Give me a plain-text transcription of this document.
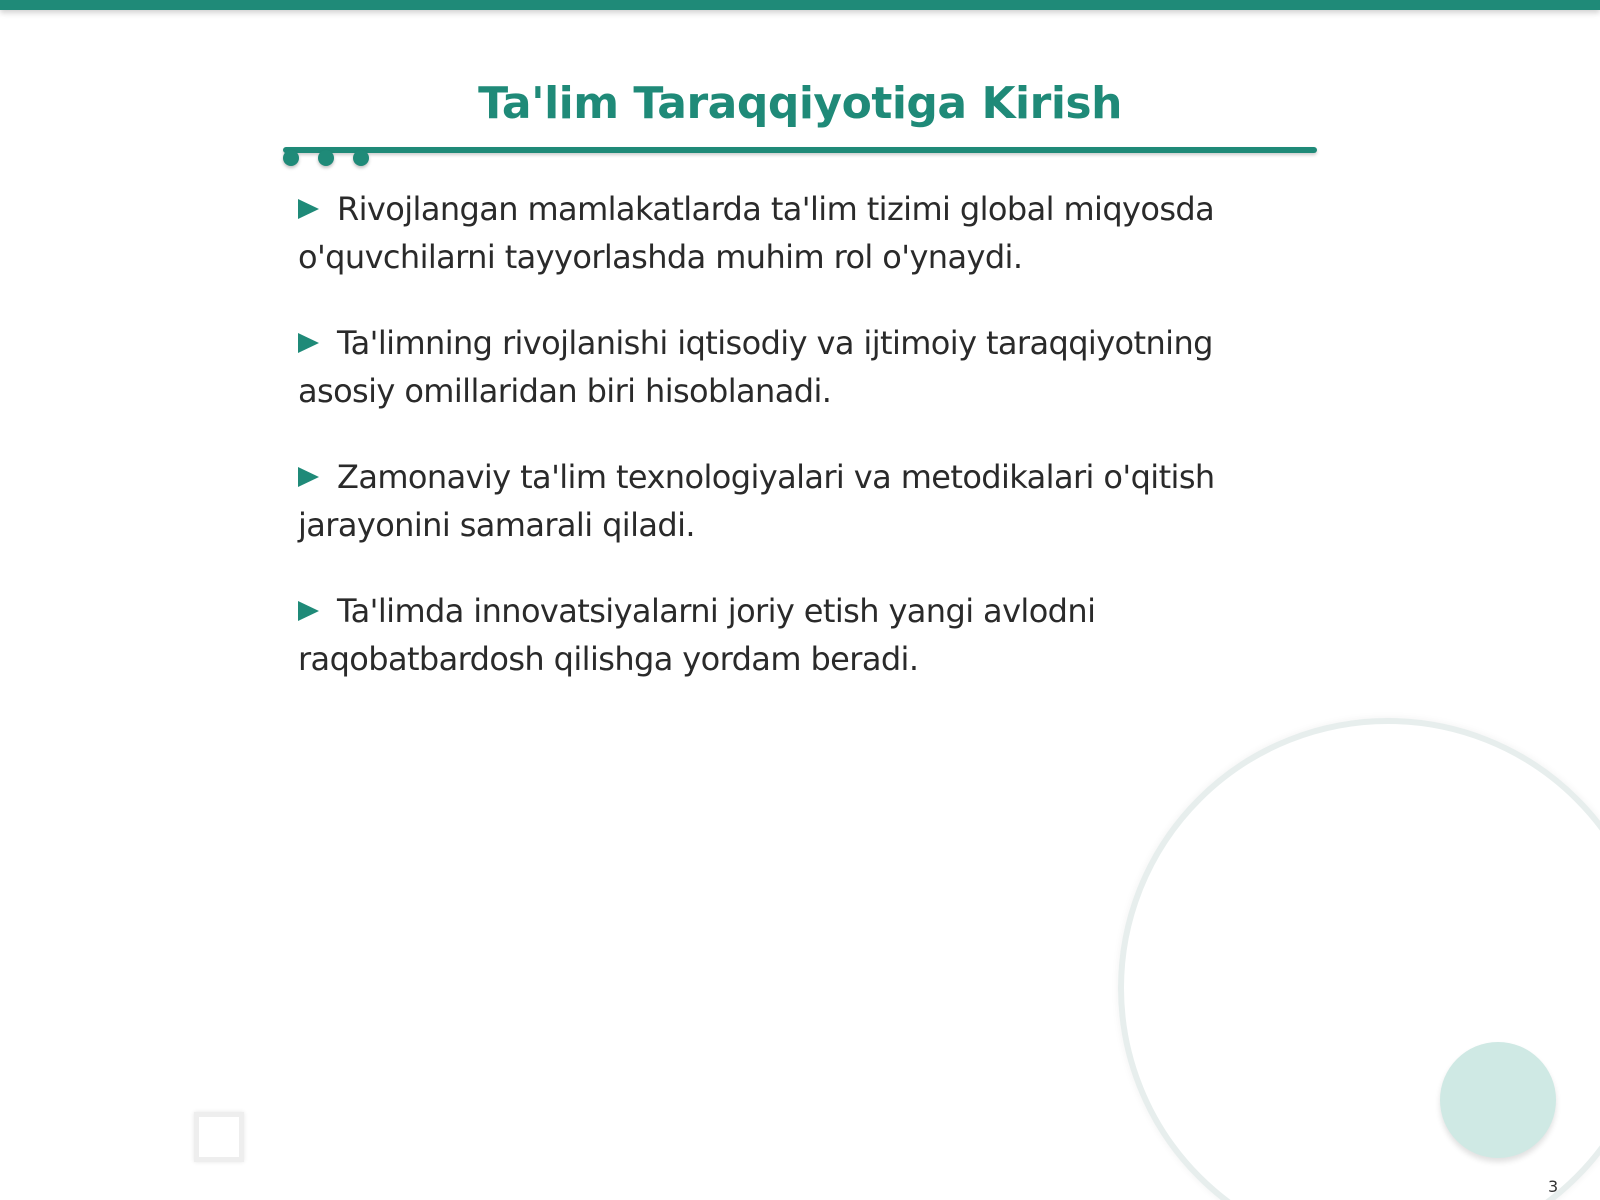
Ta'lim Taraqqiyotiga Kirish
Rivojlangan mamlakatlarda ta'lim tizimi global miqyosda o'quvchilarni tayyorlashda muhim rol o'ynaydi.
Ta'limning rivojlanishi iqtisodiy va ijtimoiy taraqqiyotning asosiy omillaridan biri hisoblanadi.
Zamonaviy ta'lim texnologiyalari va metodikalari o'qitish jarayonini samarali qiladi.
Ta'limda innovatsiyalarni joriy etish yangi avlodni raqobatbardosh qilishga yordam beradi.
3
